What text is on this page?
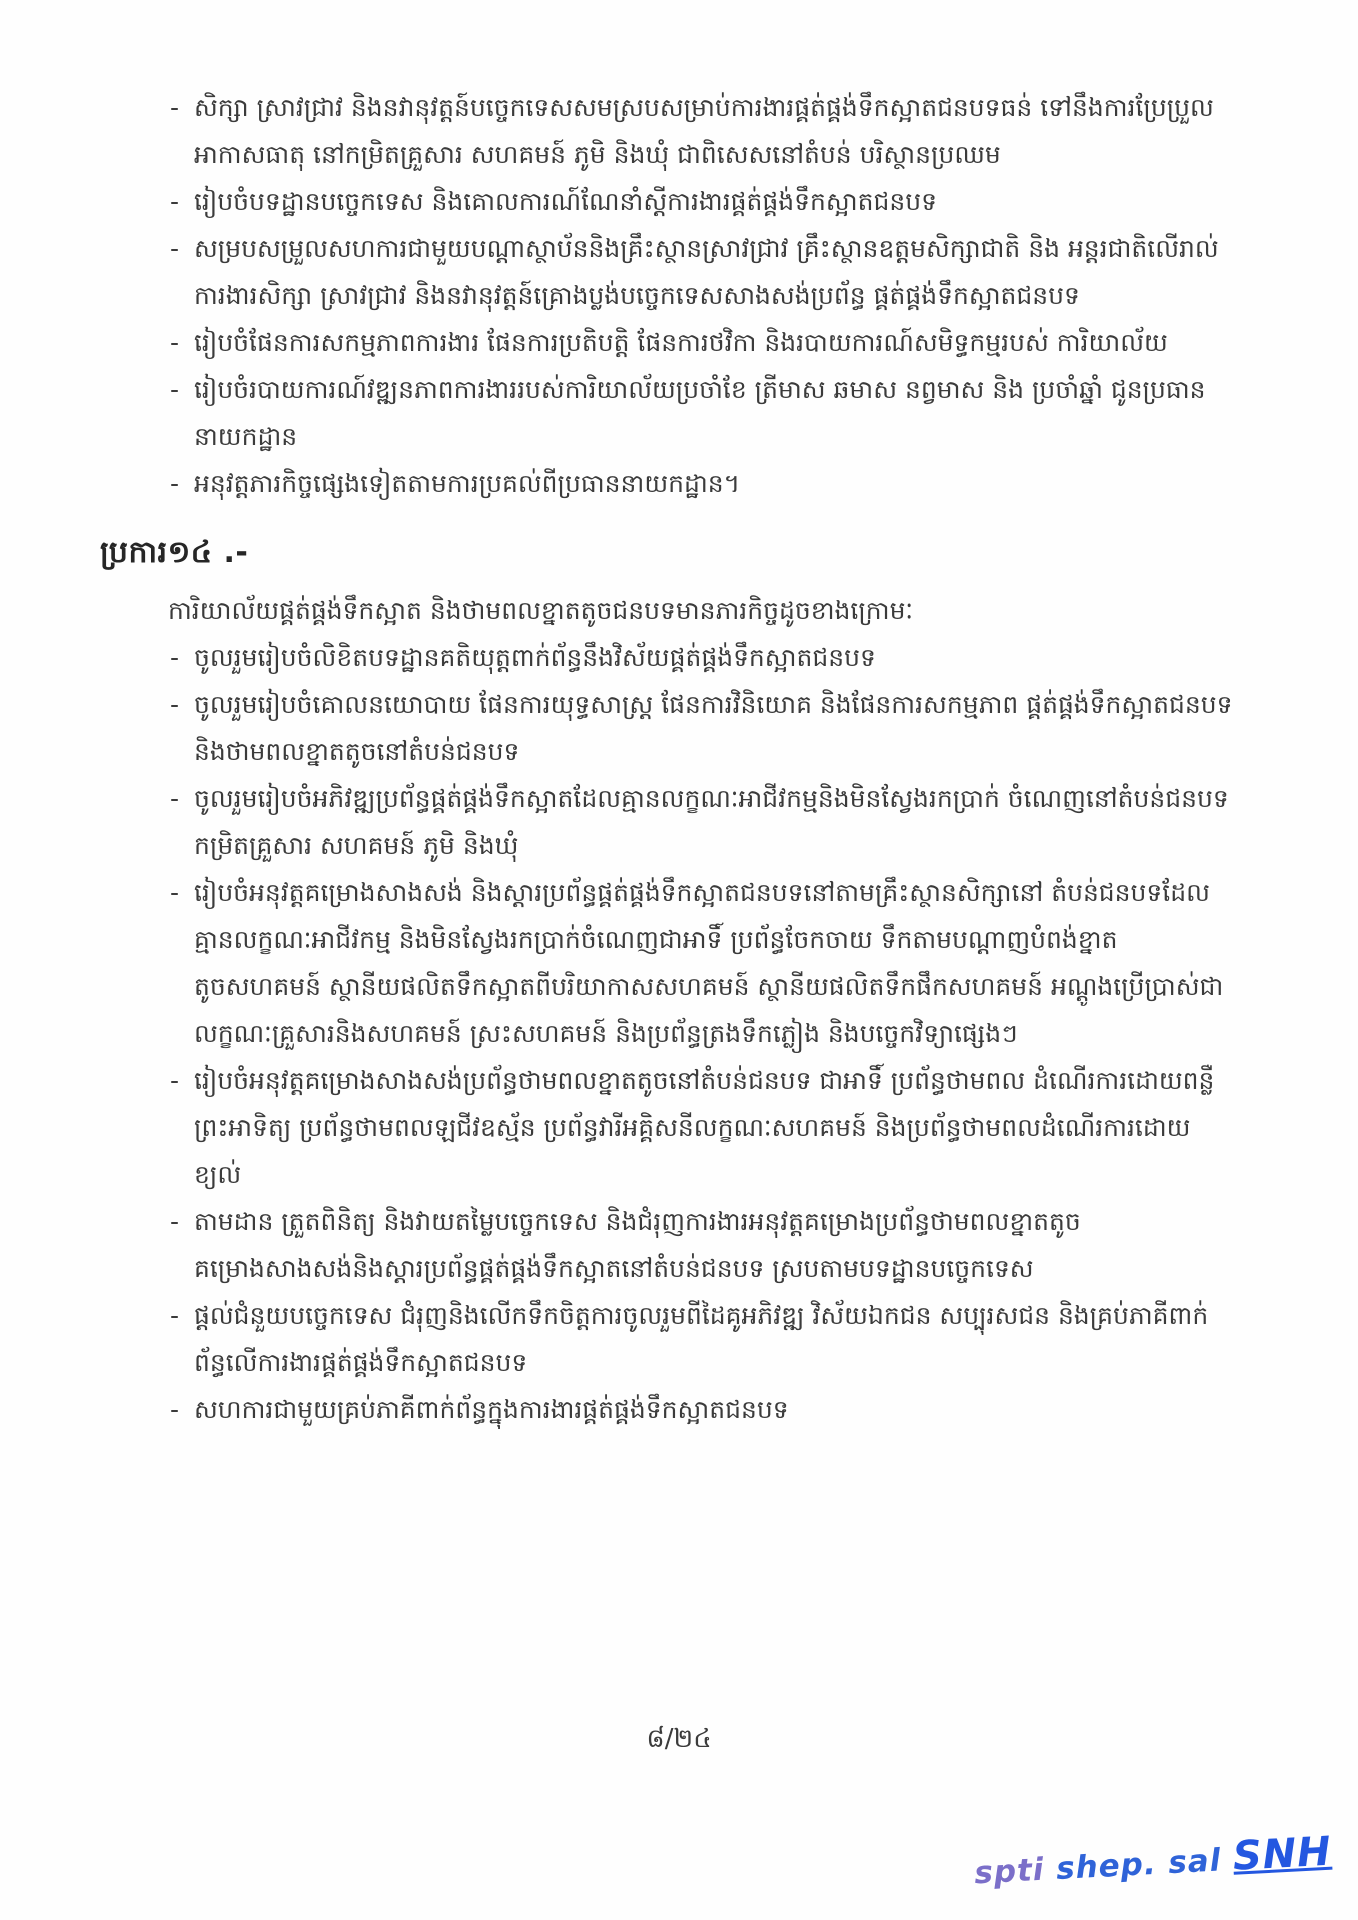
- សិក្សា ស្រាវជ្រាវ និងនវានុវត្តន៍បច្ចេកទេសសមស្របសម្រាប់ការងារផ្គត់ផ្គង់ទឹកស្អាតជនបទធន់ ទៅនឹងការប្រែប្រួលអាកាសធាតុ នៅកម្រិតគ្រួសារ សហគមន៍ ភូមិ និងឃុំ ជាពិសេសនៅតំបន់ បរិស្ថានប្រឈម
- រៀបចំបទដ្ឋានបច្ចេកទេស និងគោលការណ៍ណែនាំស្ដីការងារផ្គត់ផ្គង់ទឹកស្អាតជនបទ
- សម្របសម្រួលសហការជាមួយបណ្ដាស្ថាប័ននិងគ្រឹះស្ថានស្រាវជ្រាវ គ្រឹះស្ថានឧត្តមសិក្សាជាតិ និង អន្តរជាតិលើរាល់ការងារសិក្សា ស្រាវជ្រាវ និងនវានុវត្តន៍គ្រោងប្លង់បច្ចេកទេសសាងសង់ប្រព័ន្ធ ផ្គត់ផ្គង់ទឹកស្អាតជនបទ
- រៀបចំផែនការសកម្មភាពការងារ ផែនការប្រតិបត្តិ ផែនការថវិកា និងរបាយការណ៍សមិទ្ធកម្មរបស់ ការិយាល័យ
- រៀបចំរបាយការណ៍វឌ្ឍនភាពការងាររបស់ការិយាល័យប្រចាំខែ ត្រីមាស ឆមាស នព្វមាស និង ប្រចាំឆ្នាំ ជូនប្រធាននាយកដ្ឋាន
- អនុវត្តភារកិច្ចផ្សេងទៀតតាមការប្រគល់ពីប្រធាននាយកដ្ឋាន។
ប្រការ១៤ .-
ការិយាល័យផ្គត់ផ្គង់ទឹកស្អាត និងថាមពលខ្នាតតូចជនបទមានភារកិច្ចដូចខាងក្រោមៈ
- ចូលរួមរៀបចំលិខិតបទដ្ឋានគតិយុត្តពាក់ព័ន្ធនឹងវិស័យផ្គត់ផ្គង់ទឹកស្អាតជនបទ
- ចូលរួមរៀបចំគោលនយោបាយ ផែនការយុទ្ធសាស្ត្រ ផែនការវិនិយោគ និងផែនការសកម្មភាព ផ្គត់ផ្គង់ទឹកស្អាតជនបទ និងថាមពលខ្នាតតូចនៅតំបន់ជនបទ
- ចូលរួមរៀបចំអភិវឌ្ឍប្រព័ន្ធផ្គត់ផ្គង់ទឹកស្អាតដែលគ្មានលក្ខណៈអាជីវកម្មនិងមិនស្វែងរកប្រាក់ ចំណេញនៅតំបន់ជនបទកម្រិតគ្រួសារ សហគមន៍ ភូមិ និងឃុំ
- រៀបចំអនុវត្តគម្រោងសាងសង់ និងស្ដារប្រព័ន្ធផ្គត់ផ្គង់ទឹកស្អាតជនបទនៅតាមគ្រឹះស្ថានសិក្សានៅ តំបន់ជនបទដែលគ្មានលក្ខណៈអាជីវកម្ម និងមិនស្វែងរកប្រាក់ចំណេញជាអាទិ៍ ប្រព័ន្ធចែកចាយ ទឹកតាមបណ្ដាញបំពង់ខ្នាតតូចសហគមន៍ ស្ថានីយផលិតទឹកស្អាតពីបរិយាកាសសហគមន៍ ស្ថានីយផលិតទឹកផឹកសហគមន៍ អណ្ដូងប្រើប្រាស់ជាលក្ខណៈគ្រួសារនិងសហគមន៍ ស្រះសហគមន៍ និងប្រព័ន្ធត្រងទឹកភ្លៀង និងបច្ចេកវិទ្យាផ្សេងៗ
- រៀបចំអនុវត្តគម្រោងសាងសង់ប្រព័ន្ធថាមពលខ្នាតតូចនៅតំបន់ជនបទ ជាអាទិ៍ ប្រព័ន្ធថាមពល ដំណើរការដោយពន្លឺព្រះអាទិត្យ ប្រព័ន្ធថាមពលឡជីវឧស្ម័ន ប្រព័ន្ធវារីអគ្គិសនីលក្ខណៈសហគមន៍ និងប្រព័ន្ធថាមពលដំណើរការដោយខ្យល់
- តាមដាន ត្រួតពិនិត្យ និងវាយតម្លៃបច្ចេកទេស និងជំរុញការងារអនុវត្តគម្រោងប្រព័ន្ធថាមពលខ្នាតតូច គម្រោងសាងសង់និងស្ដារប្រព័ន្ធផ្គត់ផ្គង់ទឹកស្អាតនៅតំបន់ជនបទ ស្របតាមបទដ្ឋានបច្ចេកទេស
- ផ្ដល់ជំនួយបច្ចេកទេស ជំរុញនិងលើកទឹកចិត្តការចូលរួមពីដៃគូអភិវឌ្ឍ វិស័យឯកជន សប្បុរសជន និងគ្រប់ភាគីពាក់ព័ន្ធលើការងារផ្គត់ផ្គង់ទឹកស្អាតជនបទ
- សហការជាមួយគ្រប់ភាគីពាក់ព័ន្ធក្នុងការងារផ្គត់ផ្គង់ទឹកស្អាតជនបទ
៨/២៤
spti shep. sal SNH
